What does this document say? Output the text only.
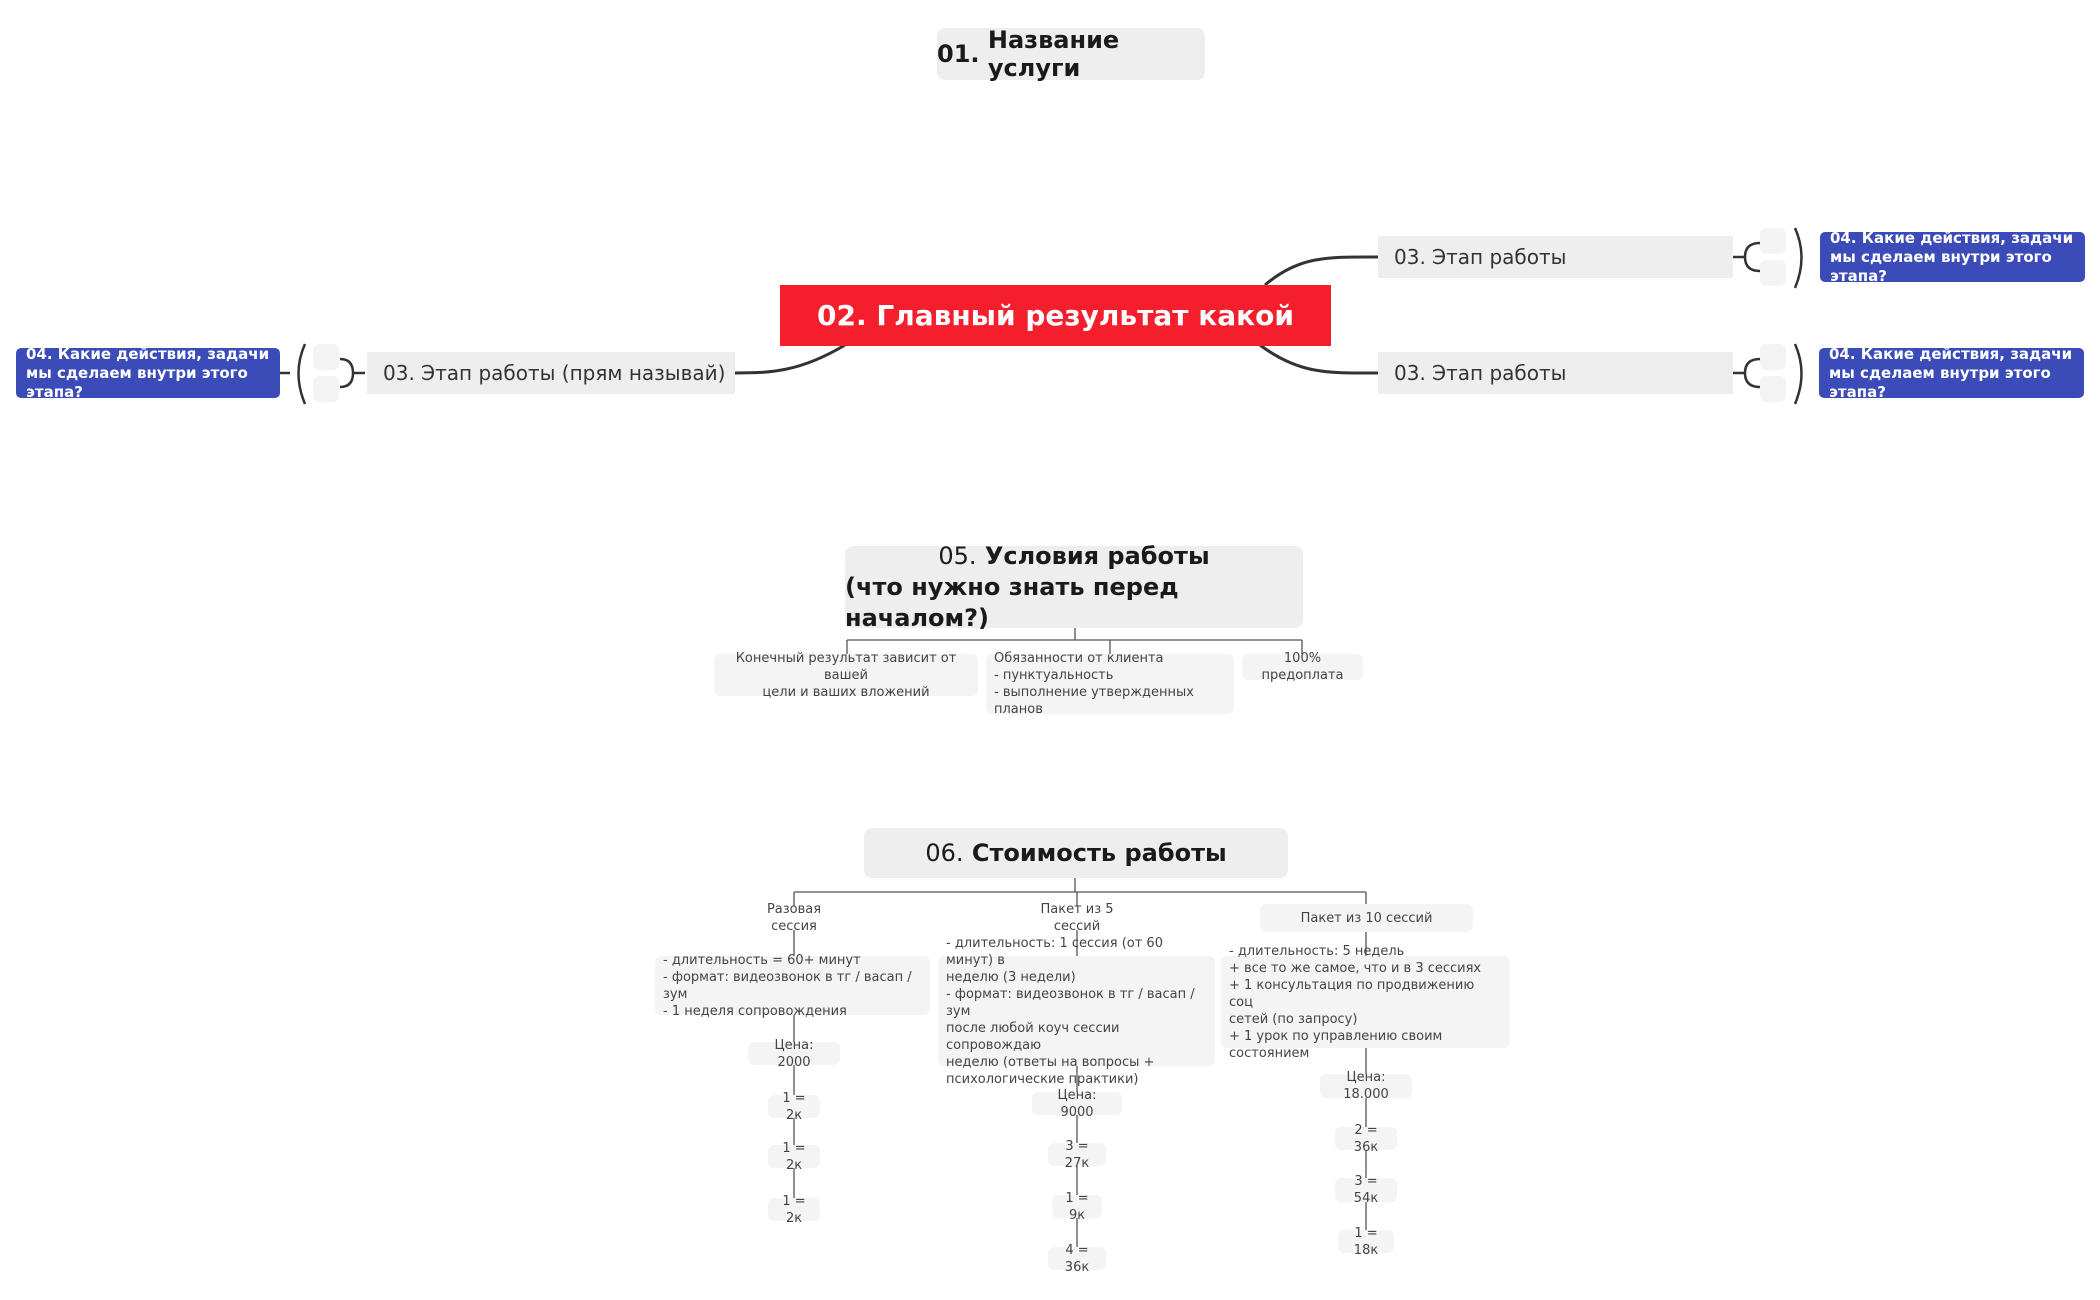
01.
Название услуги
02. Главный результат какой
03. Этап работы
03. Этап работы
03. Этап работы (прям называй)
04. Какие действия, задачи мы сделаем внутри этого этапа?
04. Какие действия, задачи мы сделаем внутри этого этапа?
04. Какие действия, задачи мы сделаем внутри этого этапа?
05. Условия работы
(что нужно знать перед началом?)
Конечный результат зависит от вашей
цели и ваших вложений
Обязанности от клиента
- пунктуальность
- выполнение утвержденных планов
100% предоплата
06.
Стоимость работы
Разовая сессия
Пакет из 5 сессий
Пакет из 10 сессий
- длительность = 60+ минут
- формат: видеозвонок в тг / васап / зум
- 1 неделя сопровождения
- длительность: 1 сессия (от 60 минут) в
неделю (3 недели)
- формат: видеозвонок в тг / васап / зум
после любой коуч сессии сопровождаю
неделю (ответы на вопросы +
психологические практики)
- длительность: 5 недель
+ все то же самое, что и в 3 сессиях
+ 1 консультация по продвижению соц
сетей (по запросу)
+ 1 урок по управлению своим состоянием
Цена: 2000
Цена: 9000
Цена: 18.000
1 = 2к
1 = 2к
1 = 2к
3 = 27к
1 = 9к
4 = 36к
2 = 36к
3 = 54к
1 = 18к
